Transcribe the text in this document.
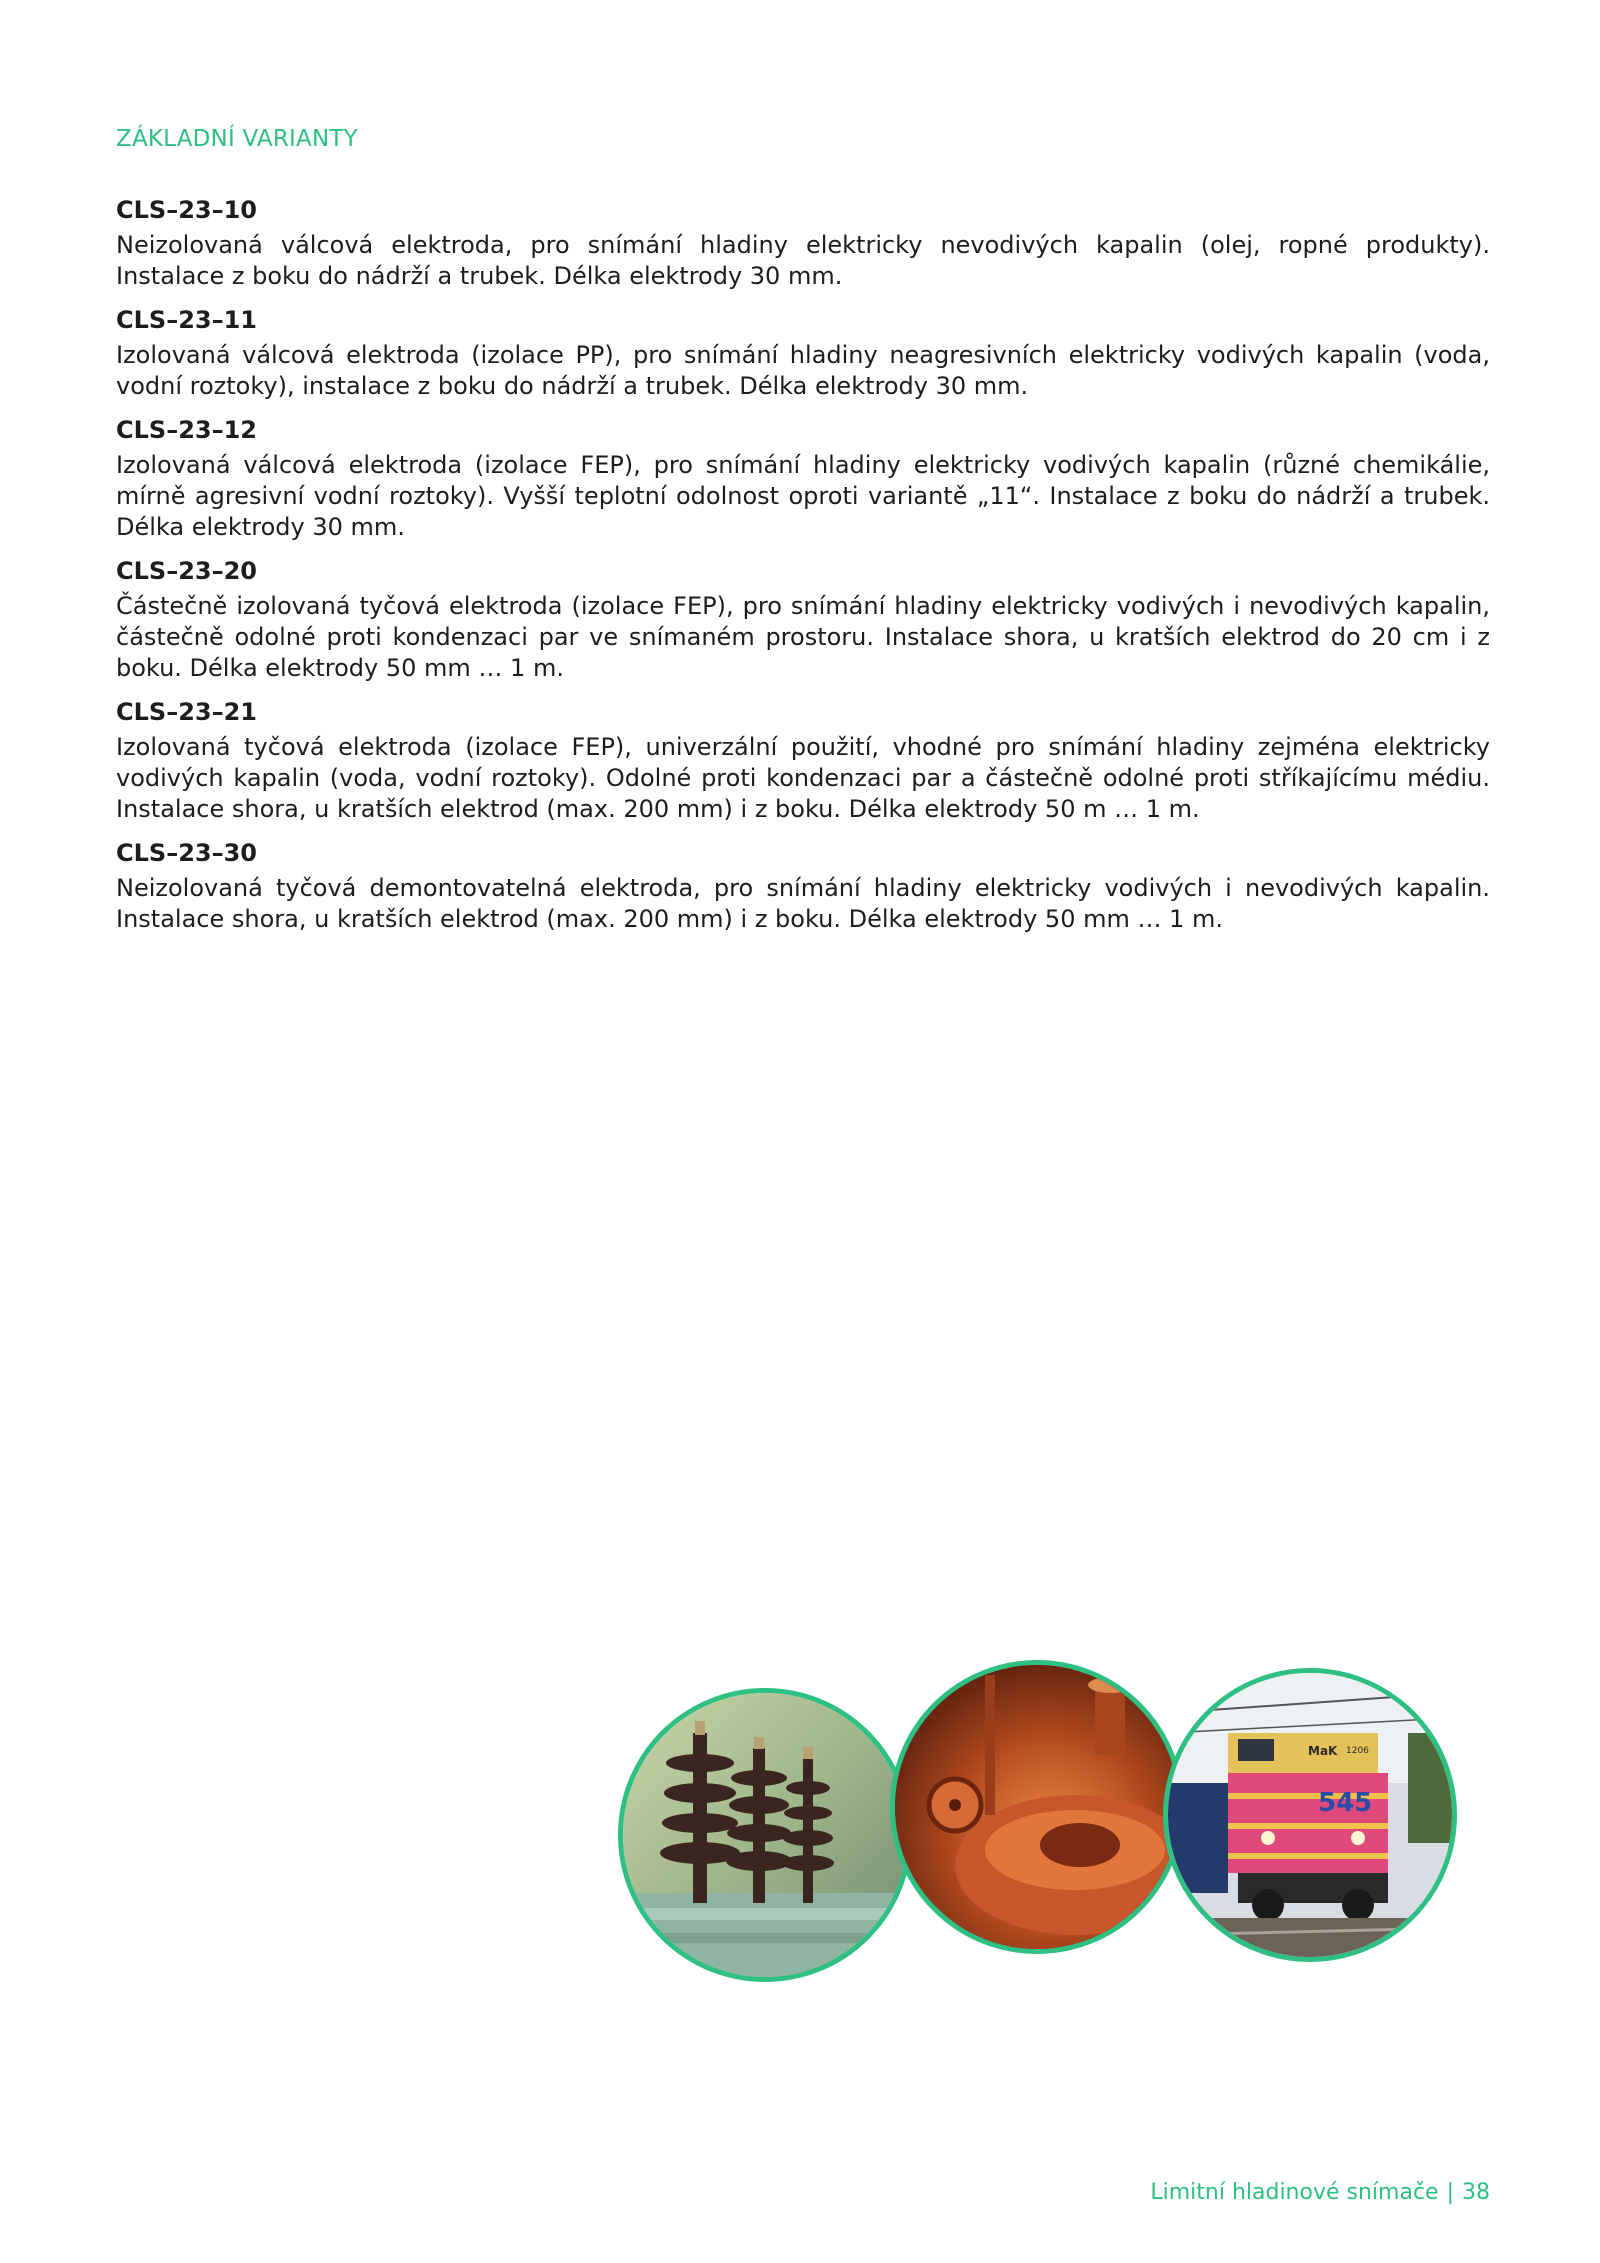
ZÁKLADNÍ VARIANTY

CLS–23–10

Neizolovaná válcová elektroda, pro snímání hladiny elektricky nevodivých kapalin (olej, ropné produkty). Instalace z boku do nádrží a trubek. Délka elektrody 30 mm.

CLS–23–11

Izolovaná válcová elektroda (izolace PP), pro snímání hladiny neagresivních elektricky vodivých kapalin (voda, vodní roztoky), instalace z boku do nádrží a trubek. Délka elektrody 30 mm.

CLS–23–12

Izolovaná válcová elektroda (izolace FEP), pro snímání hladiny elektricky vodivých kapalin (různé chemikálie, mírně agresivní vodní roztoky). Vyšší teplotní odolnost oproti variantě „11“. Instalace z boku do nádrží a trubek. Délka elektrody 30 mm.

CLS–23–20

Částečně izolovaná tyčová elektroda (izolace FEP), pro snímání hladiny elektricky vodivých i nevodivých kapalin, částečně odolné proti kondenzaci par ve snímaném prostoru. Instalace shora, u kratších elektrod do 20 cm i z boku. Délka elektrody 50 mm … 1 m.

CLS–23–21

Izolovaná tyčová elektroda (izolace FEP), univerzální použití, vhodné pro snímání hladiny zejména elektricky vodivých kapalin (voda, vodní roztoky). Odolné proti kondenzaci par a částečně odolné proti stříkajícímu médiu. Instalace shora, u kratších elektrod (max. 200 mm) i z boku. Délka elektrody 50 m … 1 m.

CLS–23–30

Neizolovaná tyčová demontovatelná elektroda, pro snímání hladiny elektricky vodivých i nevodivých kapalin. Instalace shora, u kratších elektrod (max. 200 mm) i z boku. Délka elektrody 50 mm … 1 m.

MaK 1206
545
Limitní hladinové snímače | 38
